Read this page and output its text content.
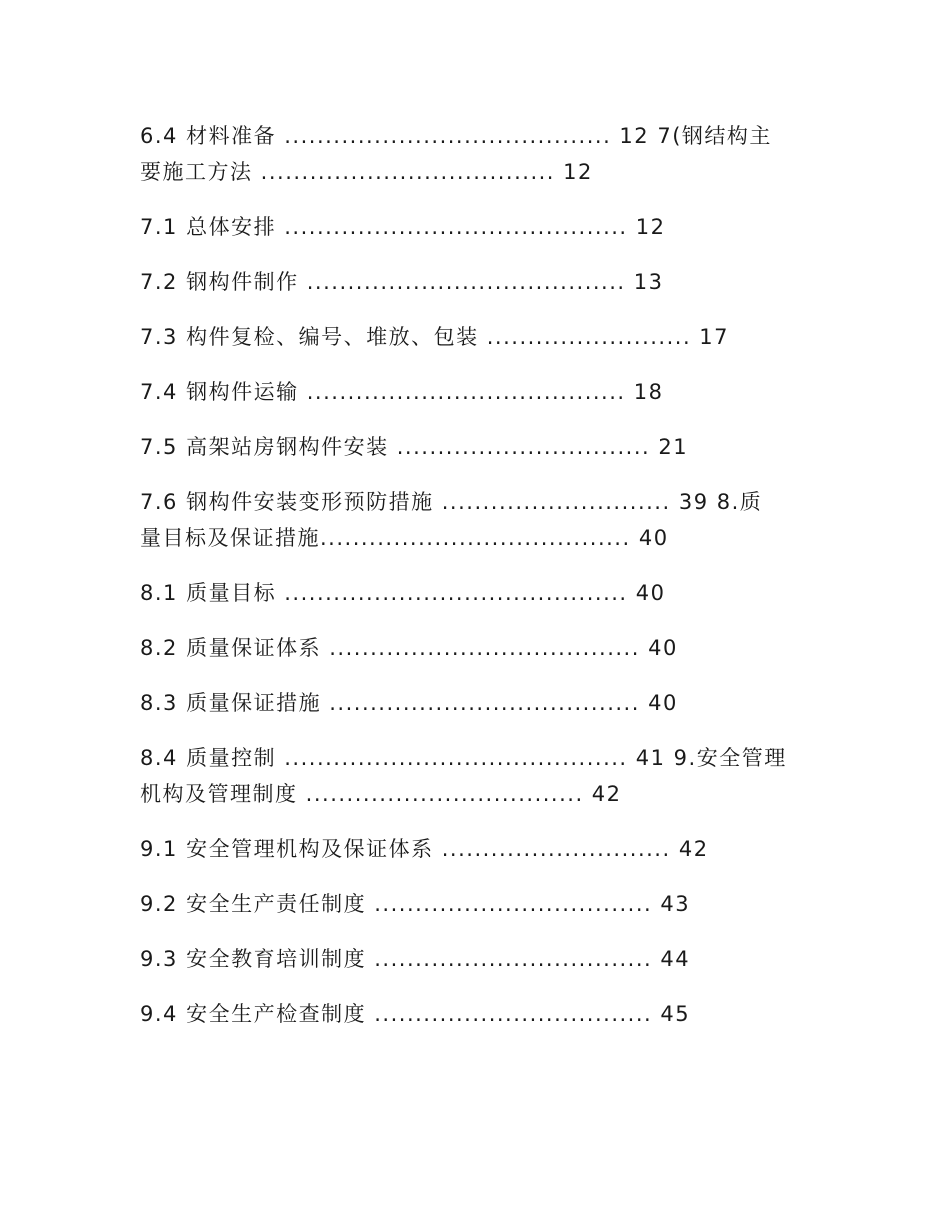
6.4 材料准备 ........................................ 12 7(钢结构主

要施工方法 .................................... 12

7.1 总体安排 .......................................... 12

7.2 钢构件制作 ....................................... 13

7.3 构件复检、编号、堆放、包装 ......................... 17

7.4 钢构件运输 ....................................... 18

7.5 高架站房钢构件安装 ............................... 21

7.6 钢构件安装变形预防措施 ............................ 39 8.质

量目标及保证措施...................................... 40

8.1 质量目标 .......................................... 40

8.2 质量保证体系 ...................................... 40

8.3 质量保证措施 ...................................... 40

8.4 质量控制 .......................................... 41 9.安全管理

机构及管理制度 .................................. 42

9.1 安全管理机构及保证体系 ............................ 42

9.2 安全生产责任制度 .................................. 43

9.3 安全教育培训制度 .................................. 44

9.4 安全生产检查制度 .................................. 45
